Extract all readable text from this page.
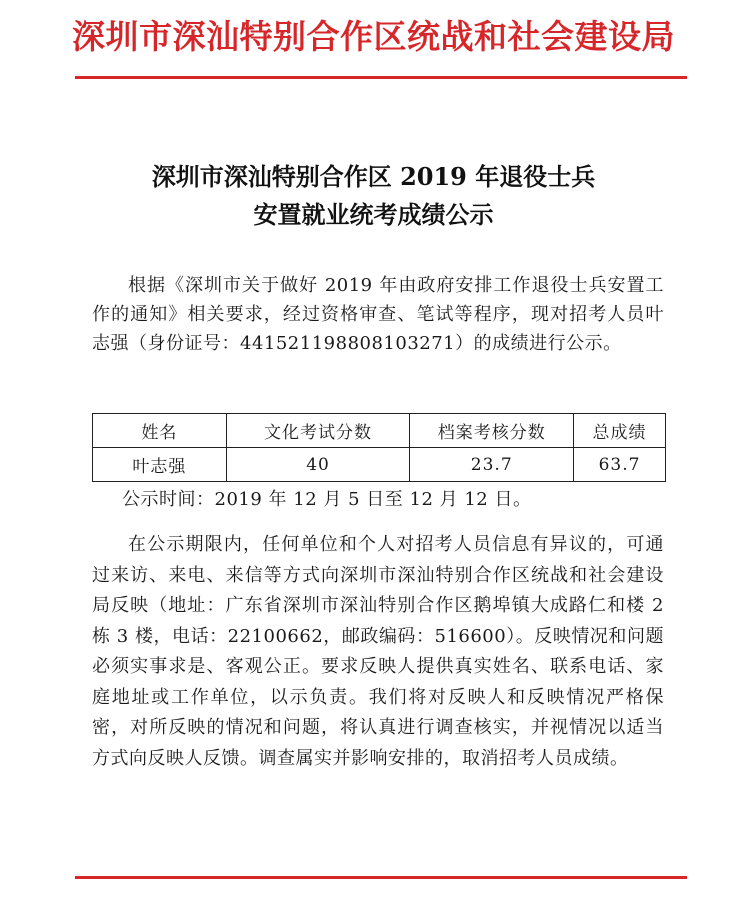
深圳市深汕特别合作区统战和社会建设局
深圳市深汕特别合作区 2019 年退役士兵
安置就业统考成绩公示
根据《深圳市关于做好 2019 年由政府安排工作退役士兵安置工作的通知》相关要求，经过资格审查、笔试等程序，现对招考人员叶志强（身份证号：441521198808103271）的成绩进行公示。
姓名	文化考试分数	档案考核分数	总成绩
叶志强	40	23.7	63.7
公示时间：2019 年 12 月 5 日至 12 月 12 日。
在公示期限内，任何单位和个人对招考人员信息有异议的，可通过来访、来电、来信等方式向深圳市深汕特别合作区统战和社会建设局反映（地址：广东省深圳市深汕特别合作区鹅埠镇大成路仁和楼 2 栋 3 楼，电话：22100662，邮政编码：516600）。反映情况和问题必须实事求是、客观公正。要求反映人提供真实姓名、联系电话、家庭地址或工作单位，以示负责。我们将对反映人和反映情况严格保密，对所反映的情况和问题，将认真进行调查核实，并视情况以适当方式向反映人反馈。调查属实并影响安排的，取消招考人员成绩。
